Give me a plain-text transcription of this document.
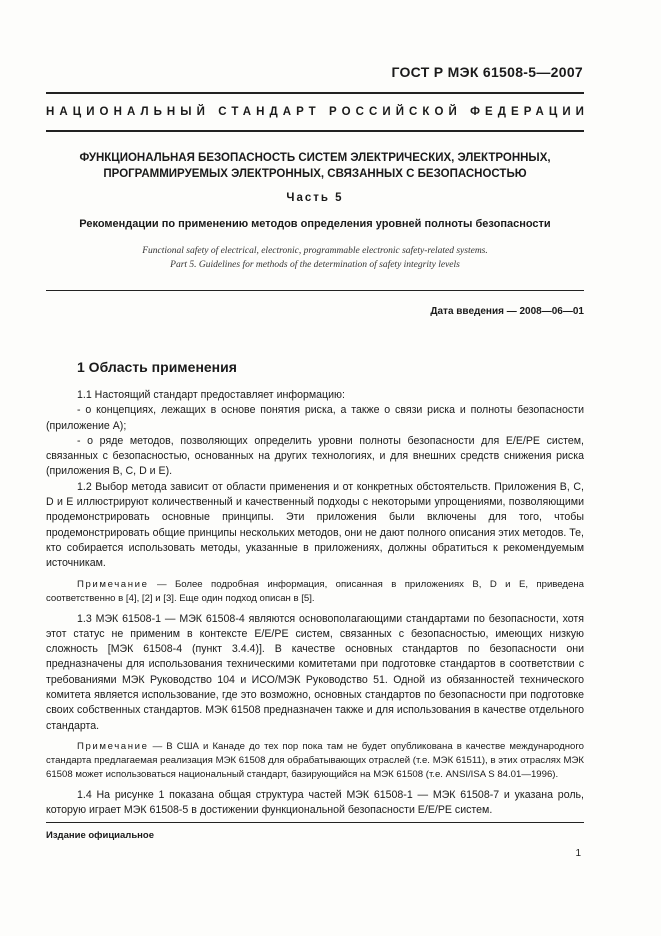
ГОСТ Р МЭК 61508-5—2007
НАЦИОНАЛЬНЫЙ СТАНДАРТ РОССИЙСКОЙ ФЕДЕРАЦИИ
ФУНКЦИОНАЛЬНАЯ БЕЗОПАСНОСТЬ СИСТЕМ ЭЛЕКТРИЧЕСКИХ, ЭЛЕКТРОННЫХ,
ПРОГРАММИРУЕМЫХ ЭЛЕКТРОННЫХ, СВЯЗАННЫХ С БЕЗОПАСНОСТЬЮ
Часть 5
Рекомендации по применению методов определения уровней полноты безопасности
Functional safety of electrical, electronic, programmable electronic safety-related systems.
Part 5. Guidelines for methods of the determination of safety integrity levels
Дата введения — 2008—06—01
1 Область применения

1.1 Настоящий стандарт предоставляет информацию:

- о концепциях, лежащих в основе понятия риска, а также о связи риска и полноты безопасности (приложение А);

- о ряде методов, позволяющих определить уровни полноты безопасности для Е/Е/РЕ систем, связанных с безопасностью, основанных на других технологиях, и для внешних средств снижения риска (приложения В, С, D и Е).

1.2 Выбор метода зависит от области применения и от конкретных обстоятельств. Приложения В, С, D и Е иллюстрируют количественный и качественный подходы с некоторыми упрощениями, позволяющими продемонстрировать основные принципы. Эти приложения были включены для того, чтобы продемонстрировать общие принципы нескольких методов, они не дают полного описания этих методов. Те, кто собирается использовать методы, указанные в приложениях, должны обратиться к рекомендуемым источникам.

Примечание — Более подробная информация, описанная в приложениях В, D и Е, приведена соответственно в [4], [2] и [3]. Еще один подход описан в [5].

1.3 МЭК 61508-1 — МЭК 61508-4 являются основополагающими стандартами по безопасности, хотя этот статус не применим в контексте Е/Е/РЕ систем, связанных с безопасностью, имеющих низкую сложность [МЭК 61508-4 (пункт 3.4.4)]. В качестве основных стандартов по безопасности они предназначены для использования техническими комитетами при подготовке стандартов в соответствии с требованиями МЭК Руководство 104 и ИСО/МЭК Руководство 51. Одной из обязанностей технического комитета является использование, где это возможно, основных стандартов по безопасности при подготовке своих собственных стандартов. МЭК 61508 предназначен также и для использования в качестве отдельного стандарта.

Примечание — В США и Канаде до тех пор пока там не будет опубликована в качестве международного стандарта предлагаемая реализация МЭК 61508 для обрабатывающих отраслей (т.е. МЭК 61511), в этих отраслях МЭК 61508 может использоваться национальный стандарт, базирующийся на МЭК 61508 (т.е. ANSI/ISA S 84.01—1996).

1.4 На рисунке 1 показана общая структура частей МЭК 61508-1 — МЭК 61508-7 и указана роль, которую играет МЭК 61508-5 в достижении функциональной безопасности Е/Е/РЕ систем.

Издание официальное
1
